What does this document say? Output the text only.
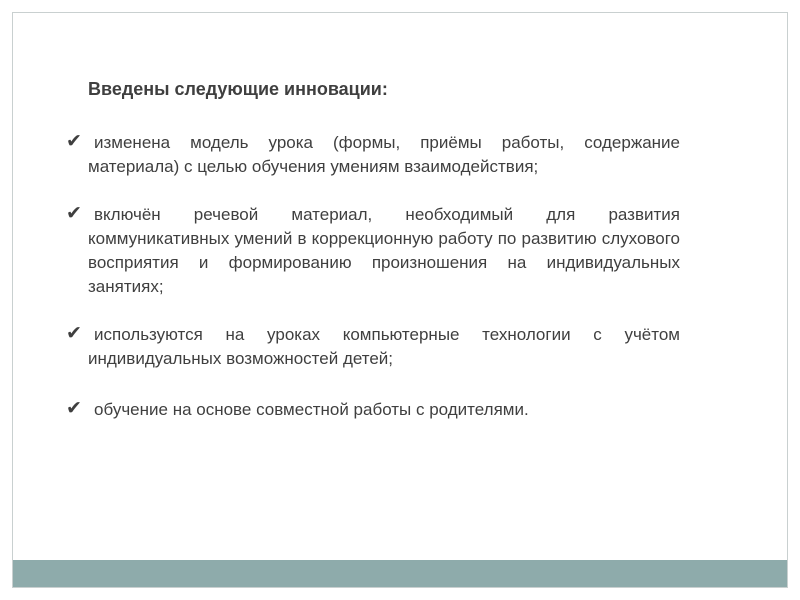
Введены следующие инновации:
✔ изменена модель урока (формы, приёмы работы, содержание материала) с целью обучения умениям взаимодействия;

✔ включён речевой материал, необходимый для развития коммуникативных умений в коррекционную работу по развитию слухового восприятия и формированию произношения на индивидуальных занятиях;

✔ используются на уроках компьютерные технологии с учётом индивидуальных возможностей детей;

✔ обучение на основе совместной работы с родителями.
